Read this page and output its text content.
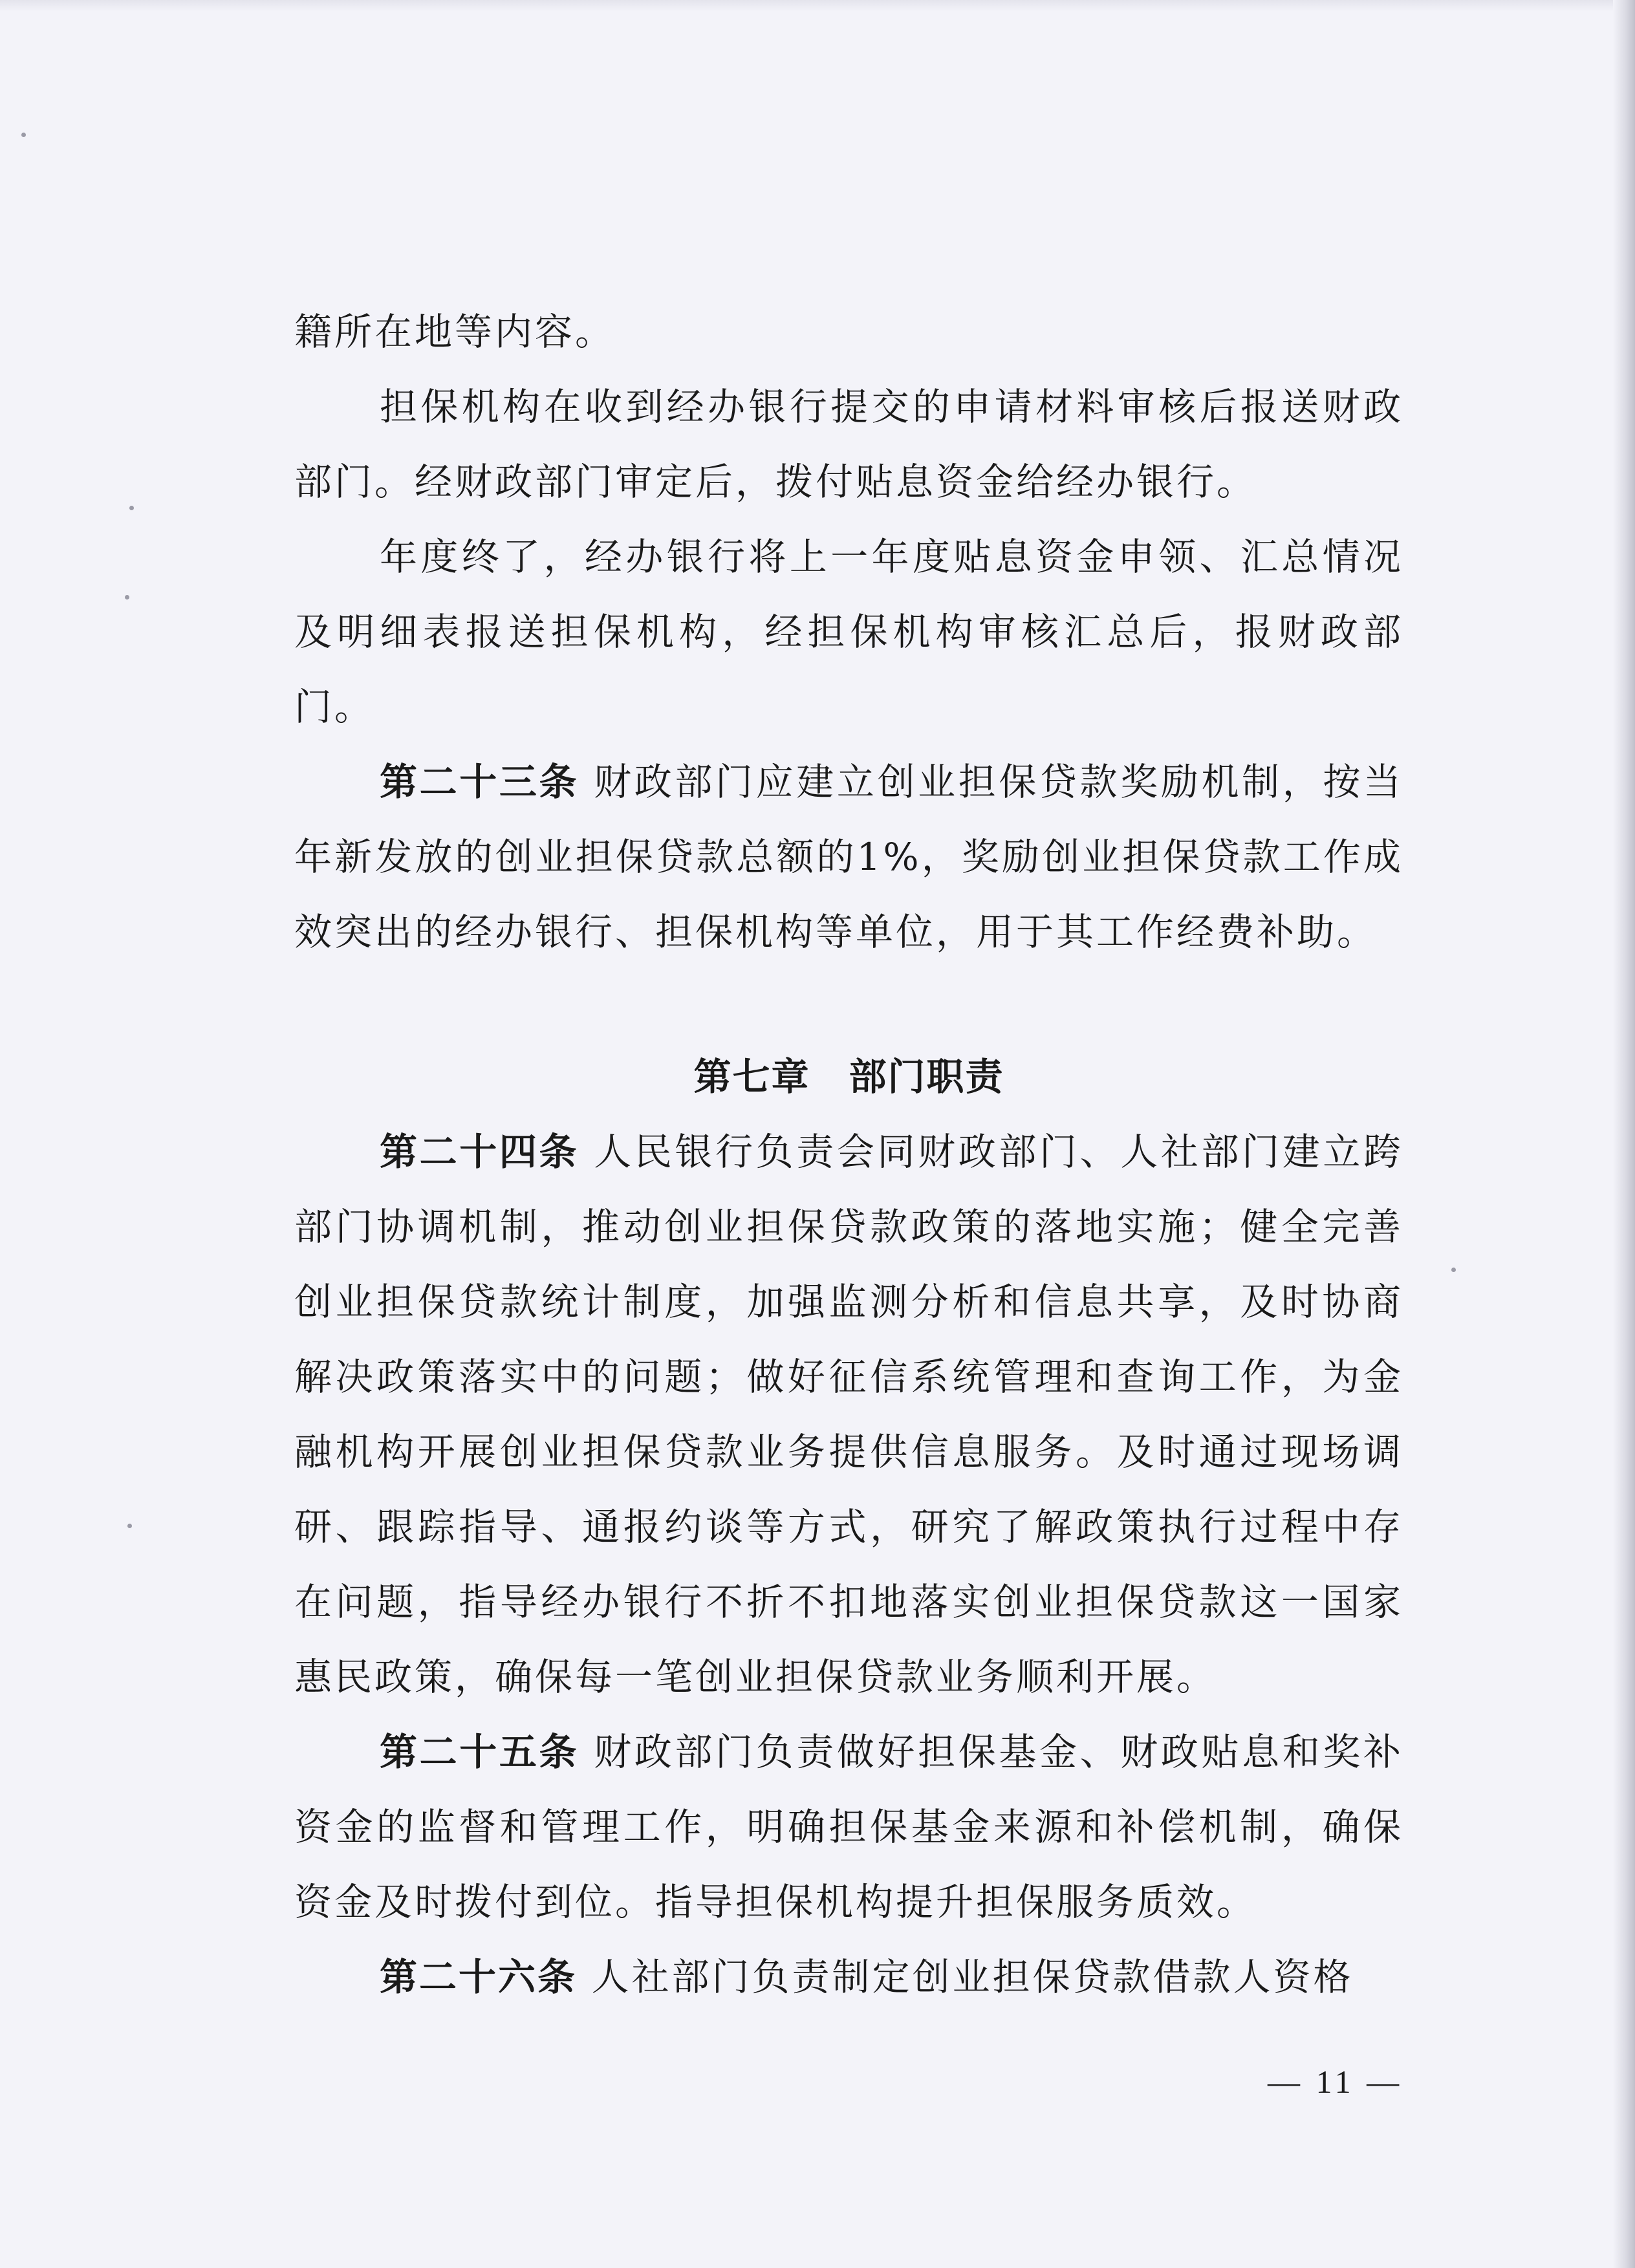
籍所在地等内容。

担保机构在收到经办银行提交的申请材料审核后报送财政部门。经财政部门审定后，拨付贴息资金给经办银行。

年度终了，经办银行将上一年度贴息资金申领、汇总情况及明细表报送担保机构，经担保机构审核汇总后，报财政部门。

第二十三条 财政部门应建立创业担保贷款奖励机制，按当年新发放的创业担保贷款总额的1%，奖励创业担保贷款工作成效突出的经办银行、担保机构等单位，用于其工作经费补助。

第七章　部门职责

第二十四条 人民银行负责会同财政部门、人社部门建立跨部门协调机制，推动创业担保贷款政策的落地实施；健全完善创业担保贷款统计制度，加强监测分析和信息共享，及时协商解决政策落实中的问题；做好征信系统管理和查询工作，为金融机构开展创业担保贷款业务提供信息服务。及时通过现场调研、跟踪指导、通报约谈等方式，研究了解政策执行过程中存在问题，指导经办银行不折不扣地落实创业担保贷款这一国家惠民政策，确保每一笔创业担保贷款业务顺利开展。

第二十五条 财政部门负责做好担保基金、财政贴息和奖补资金的监督和管理工作，明确担保基金来源和补偿机制，确保资金及时拨付到位。指导担保机构提升担保服务质效。

第二十六条 人社部门负责制定创业担保贷款借款人资格

— 11 —
